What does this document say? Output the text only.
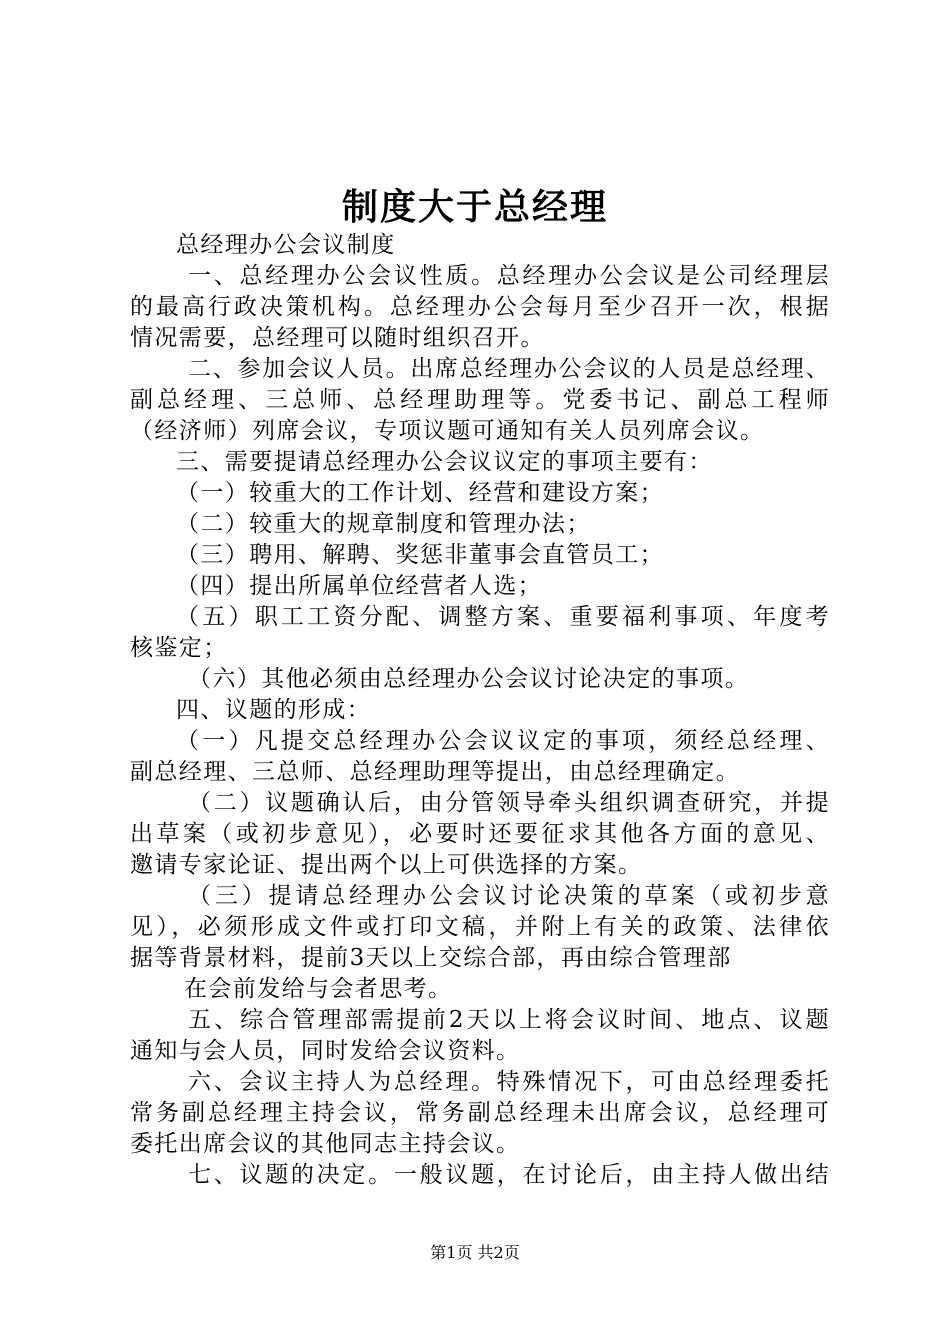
制度大于总经理
总经理办公会议制度
一、总经理办公会议性质。总经理办公会议是公司经理层
的最高行政决策机构。总经理办公会每月至少召开一次，根据
情况需要，总经理可以随时组织召开。
二、参加会议人员。出席总经理办公会议的人员是总经理、
副总经理、三总师、总经理助理等。党委书记、副总工程师
（经济师）列席会议，专项议题可通知有关人员列席会议。
三、需要提请总经理办公会议议定的事项主要有：
（一）较重大的工作计划、经营和建设方案；
（二）较重大的规章制度和管理办法；
（三）聘用、解聘、奖惩非董事会直管员工；
（四）提出所属单位经营者人选；
（五）职工工资分配、调整方案、重要福利事项、年度考
核鉴定；
（六）其他必须由总经理办公会议讨论决定的事项。
四、议题的形成：
（一）凡提交总经理办公会议议定的事项，须经总经理、
副总经理、三总师、总经理助理等提出，由总经理确定。
（二）议题确认后，由分管领导牵头组织调查研究，并提
出草案（或初步意见），必要时还要征求其他各方面的意见、
邀请专家论证、提出两个以上可供选择的方案。
（三）提请总经理办公会议讨论决策的草案（或初步意
见），必须形成文件或打印文稿，并附上有关的政策、法律依
据等背景材料，提前3天以上交综合部，再由综合管理部
在会前发给与会者思考。
五、综合管理部需提前2天以上将会议时间、地点、议题
通知与会人员，同时发给会议资料。
六、会议主持人为总经理。特殊情况下，可由总经理委托
常务副总经理主持会议，常务副总经理未出席会议，总经理可
委托出席会议的其他同志主持会议。
七、议题的决定。一般议题，在讨论后，由主持人做出结
第1页 共2页
